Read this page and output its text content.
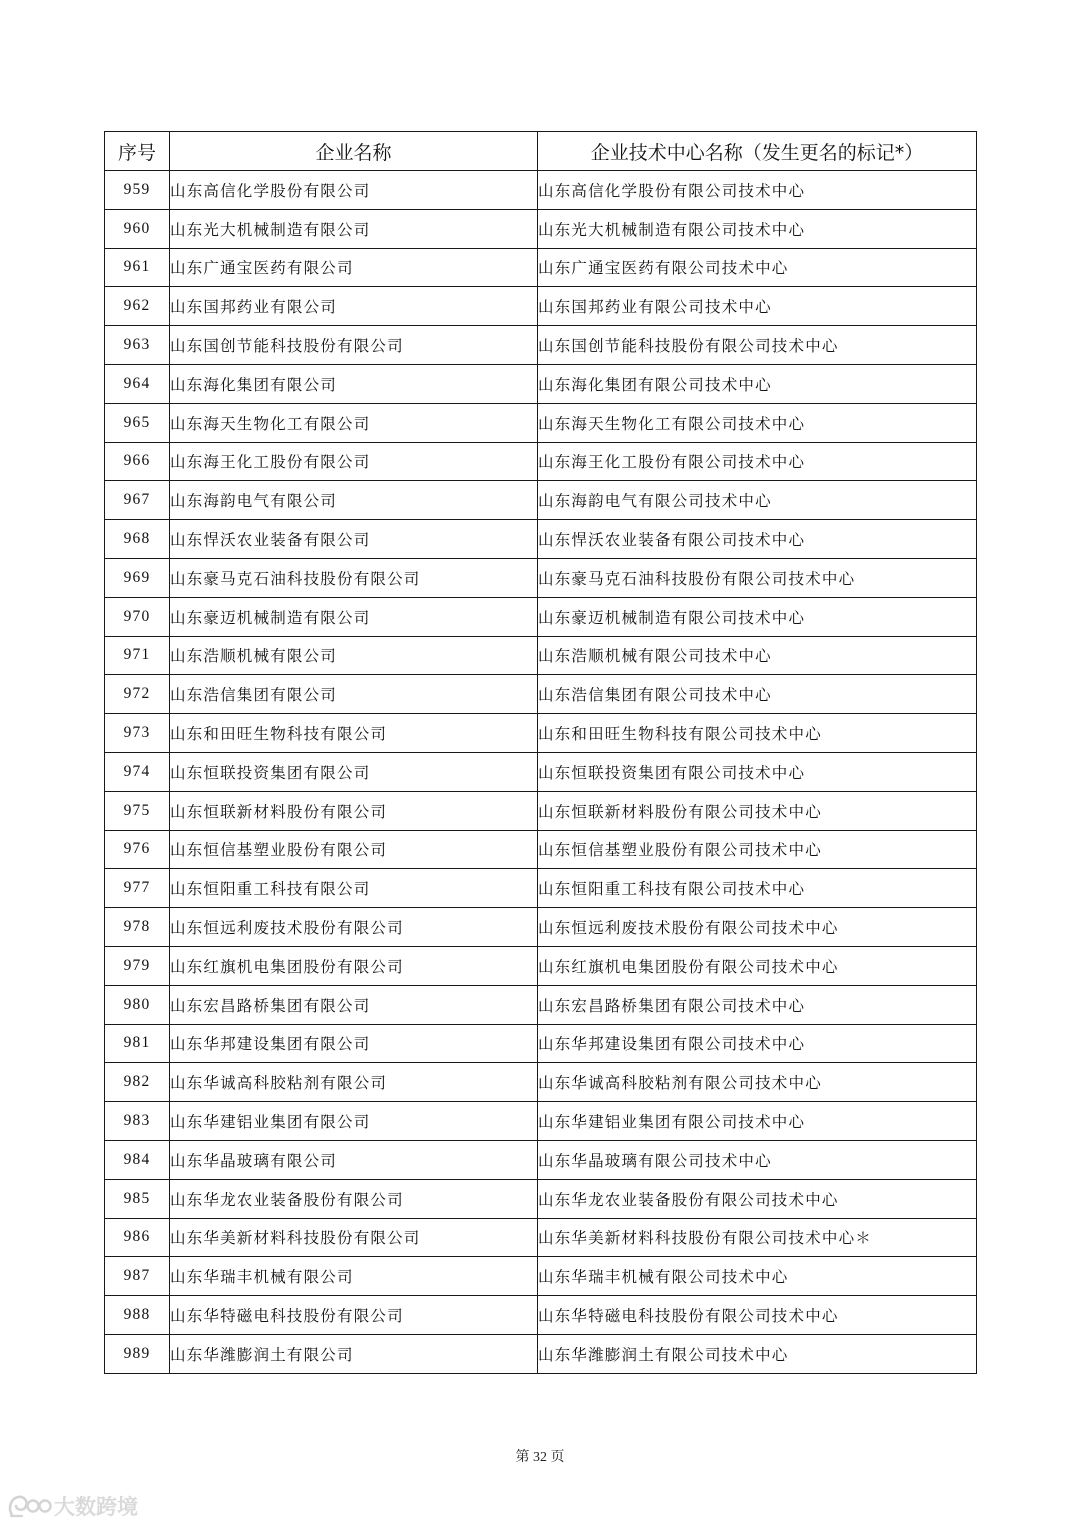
序号	企业名称	企业技术中心名称（发生更名的标记*）
959	山东高信化学股份有限公司	山东高信化学股份有限公司技术中心
960	山东光大机械制造有限公司	山东光大机械制造有限公司技术中心
961	山东广通宝医药有限公司	山东广通宝医药有限公司技术中心
962	山东国邦药业有限公司	山东国邦药业有限公司技术中心
963	山东国创节能科技股份有限公司	山东国创节能科技股份有限公司技术中心
964	山东海化集团有限公司	山东海化集团有限公司技术中心
965	山东海天生物化工有限公司	山东海天生物化工有限公司技术中心
966	山东海王化工股份有限公司	山东海王化工股份有限公司技术中心
967	山东海韵电气有限公司	山东海韵电气有限公司技术中心
968	山东悍沃农业装备有限公司	山东悍沃农业装备有限公司技术中心
969	山东豪马克石油科技股份有限公司	山东豪马克石油科技股份有限公司技术中心
970	山东豪迈机械制造有限公司	山东豪迈机械制造有限公司技术中心
971	山东浩顺机械有限公司	山东浩顺机械有限公司技术中心
972	山东浩信集团有限公司	山东浩信集团有限公司技术中心
973	山东和田旺生物科技有限公司	山东和田旺生物科技有限公司技术中心
974	山东恒联投资集团有限公司	山东恒联投资集团有限公司技术中心
975	山东恒联新材料股份有限公司	山东恒联新材料股份有限公司技术中心
976	山东恒信基塑业股份有限公司	山东恒信基塑业股份有限公司技术中心
977	山东恒阳重工科技有限公司	山东恒阳重工科技有限公司技术中心
978	山东恒远利废技术股份有限公司	山东恒远利废技术股份有限公司技术中心
979	山东红旗机电集团股份有限公司	山东红旗机电集团股份有限公司技术中心
980	山东宏昌路桥集团有限公司	山东宏昌路桥集团有限公司技术中心
981	山东华邦建设集团有限公司	山东华邦建设集团有限公司技术中心
982	山东华诚高科胶粘剂有限公司	山东华诚高科胶粘剂有限公司技术中心
983	山东华建铝业集团有限公司	山东华建铝业集团有限公司技术中心
984	山东华晶玻璃有限公司	山东华晶玻璃有限公司技术中心
985	山东华龙农业装备股份有限公司	山东华龙农业装备股份有限公司技术中心
986	山东华美新材料科技股份有限公司	山东华美新材料科技股份有限公司技术中心＊
987	山东华瑞丰机械有限公司	山东华瑞丰机械有限公司技术中心
988	山东华特磁电科技股份有限公司	山东华特磁电科技股份有限公司技术中心
989	山东华潍膨润土有限公司	山东华潍膨润土有限公司技术中心
第 32 页
大数跨境
